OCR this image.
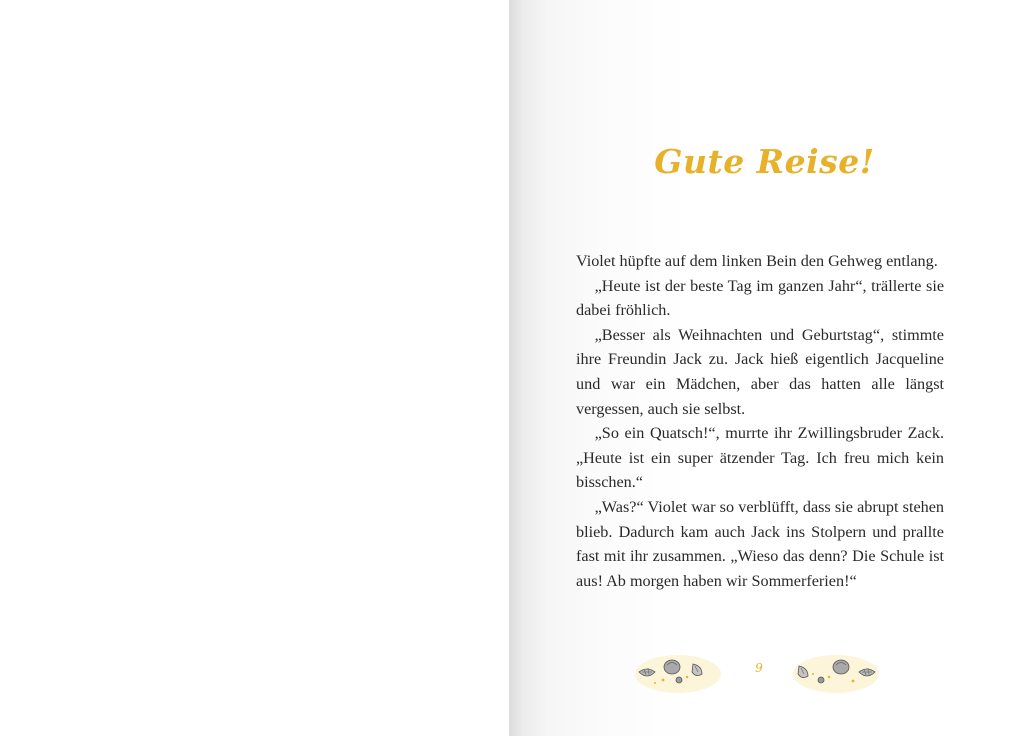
Gute Reise!

Violet hüpfte auf dem linken Bein den Gehweg entlang.

„Heute ist der beste Tag im ganzen Jahr“, trällerte sie dabei fröhlich.

„Besser als Weihnachten und Geburtstag“, stimmte ihre Freundin Jack zu. Jack hieß eigentlich Jacqueline und war ein Mädchen, aber das hatten alle längst vergessen, auch sie selbst.

„So ein Quatsch!“, murrte ihr Zwillingsbruder Zack. „Heute ist ein super ätzender Tag. Ich freu mich kein bisschen.“

„Was?“ Violet war so verblüfft, dass sie abrupt stehen blieb. Dadurch kam auch Jack ins Stolpern und prallte fast mit ihr zusammen. „Wieso das denn? Die Schule ist aus! Ab morgen haben wir Sommerferien!“

9
